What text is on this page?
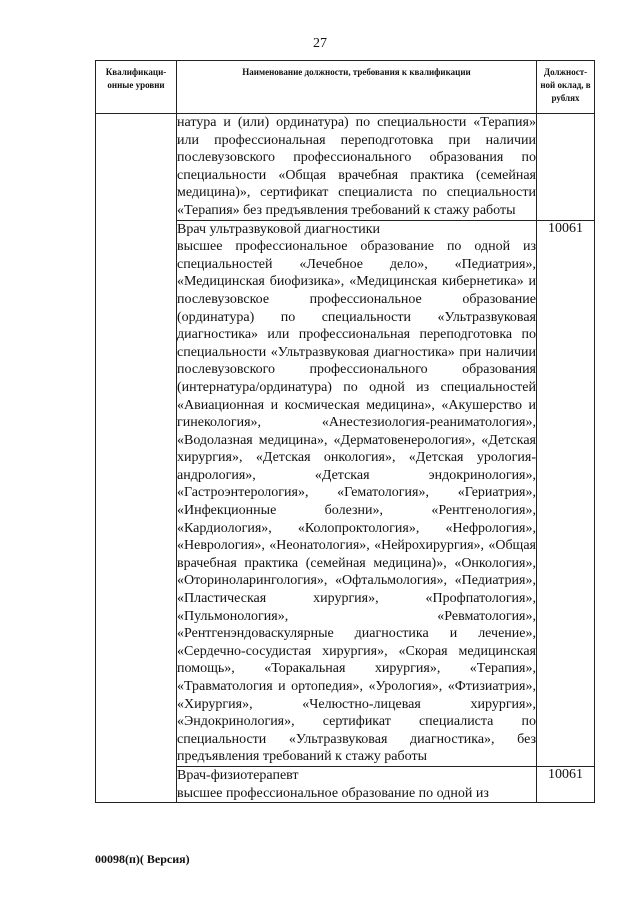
27
Квалификаци-онные уровни	Наименование должности, требования к квалификации	Должност-ной оклад, в рублях

натура и (или) ординатура) по специальности «Терапия» или профессиональная переподготовка при наличии послевузовского профессионального образования по специальности «Общая врачебная практика (семейная медицина)», сертификат специалиста по специальности «Терапия» без предъявления требований к стажу работы	

	Врач ультразвуковой диагностики
высшее профессиональное образование по одной из специальностей «Лечебное дело», «Педиатрия», «Медицинская биофизика», «Медицинская кибернетика» и послевузовское профессиональное образование (ординатура) по специальности «Ультразвуковая диагностика» или профессиональная переподготовка по специальности «Ультразвуковая диагностика» при наличии послевузовского профессионального образования (интернатура/ординатура) по одной из специальностей «Авиационная и космическая медицина», «Акушерство и гинекология», «Анестезиология-реаниматология», «Водолазная медицина», «Дерматовенерология», «Детская хирургия», «Детская онкология», «Детская урология-андрология», «Детская эндокринология», «Гастроэнтерология», «Гематология», «Гериатрия», «Инфекционные болезни», «Рентгенология», «Кардиология», «Колопроктология», «Нефрология», «Неврология», «Неонатология», «Нейрохирургия», «Общая врачебная практика (семейная медицина)», «Онкология», «Оториноларингология», «Офтальмология», «Педиатрия», «Пластическая хирургия», «Профпатология», «Пульмонология», «Ревматология», «Рентгенэндоваскулярные диагностика и лечение», «Сердечно-сосудистая хирургия», «Скорая медицинская помощь», «Торакальная хирургия», «Терапия», «Травматология и ортопедия», «Урология», «Фтизиатрия», «Хирургия», «Челюстно-лицевая хирургия», «Эндокринология», сертификат специалиста по специальности «Ультразвуковая диагностика», без предъявления требований к стажу работы	10061

	Врач-физиотерапевт
высшее профессиональное образование по одной из	10061
00098(п)( Версия)
